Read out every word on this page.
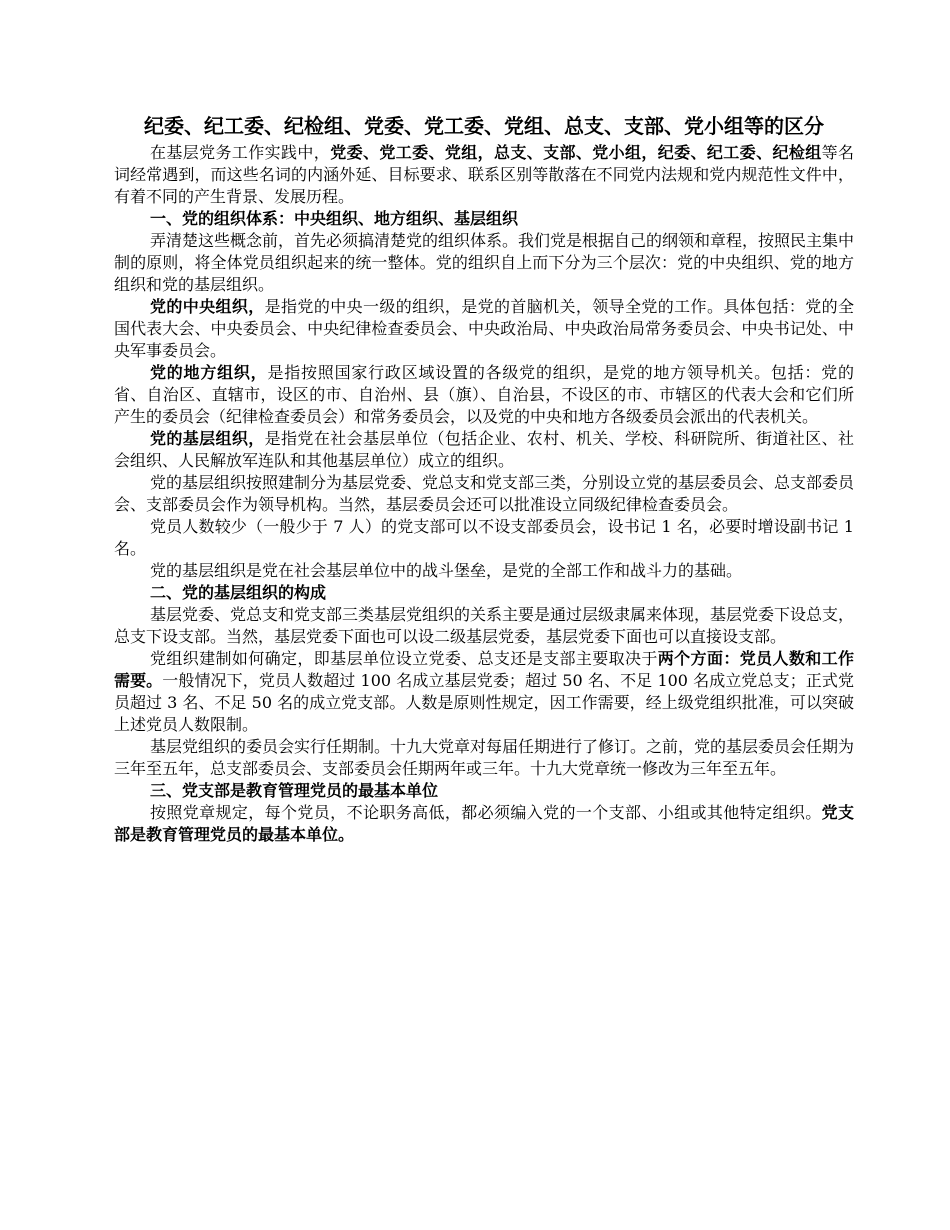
纪委、纪工委、纪检组、党委、党工委、党组、总支、支部、党小组等的区分

在基层党务工作实践中，党委、党工委、党组，总支、支部、党小组，纪委、纪工委、纪检组等名词经常遇到，而这些名词的内涵外延、目标要求、联系区别等散落在不同党内法规和党内规范性文件中，有着不同的产生背景、发展历程。

一、党的组织体系：中央组织、地方组织、基层组织

弄清楚这些概念前，首先必须搞清楚党的组织体系。我们党是根据自己的纲领和章程，按照民主集中制的原则，将全体党员组织起来的统一整体。党的组织自上而下分为三个层次：党的中央组织、党的地方组织和党的基层组织。

党的中央组织，是指党的中央一级的组织，是党的首脑机关，领导全党的工作。具体包括：党的全国代表大会、中央委员会、中央纪律检查委员会、中央政治局、中央政治局常务委员会、中央书记处、中央军事委员会。

党的地方组织，是指按照国家行政区域设置的各级党的组织，是党的地方领导机关。包括：党的省、自治区、直辖市，设区的市、自治州、县（旗）、自治县，不设区的市、市辖区的代表大会和它们所产生的委员会（纪律检查委员会）和常务委员会，以及党的中央和地方各级委员会派出的代表机关。

党的基层组织，是指党在社会基层单位（包括企业、农村、机关、学校、科研院所、街道社区、社会组织、人民解放军连队和其他基层单位）成立的组织。

党的基层组织按照建制分为基层党委、党总支和党支部三类，分别设立党的基层委员会、总支部委员会、支部委员会作为领导机构。当然，基层委员会还可以批准设立同级纪律检查委员会。

党员人数较少（一般少于 7 人）的党支部可以不设支部委员会，设书记 1 名，必要时增设副书记 1 名。

党的基层组织是党在社会基层单位中的战斗堡垒，是党的全部工作和战斗力的基础。

二、党的基层组织的构成

基层党委、党总支和党支部三类基层党组织的关系主要是通过层级隶属来体现，基层党委下设总支，总支下设支部。当然，基层党委下面也可以设二级基层党委，基层党委下面也可以直接设支部。

党组织建制如何确定，即基层单位设立党委、总支还是支部主要取决于两个方面：党员人数和工作需要。一般情况下，党员人数超过 100 名成立基层党委；超过 50 名、不足 100 名成立党总支；正式党员超过 3 名、不足 50 名的成立党支部。人数是原则性规定，因工作需要，经上级党组织批准，可以突破上述党员人数限制。

基层党组织的委员会实行任期制。十九大党章对每届任期进行了修订。之前，党的基层委员会任期为三年至五年，总支部委员会、支部委员会任期两年或三年。十九大党章统一修改为三年至五年。

三、党支部是教育管理党员的最基本单位

按照党章规定，每个党员，不论职务高低，都必须编入党的一个支部、小组或其他特定组织。党支部是教育管理党员的最基本单位。
